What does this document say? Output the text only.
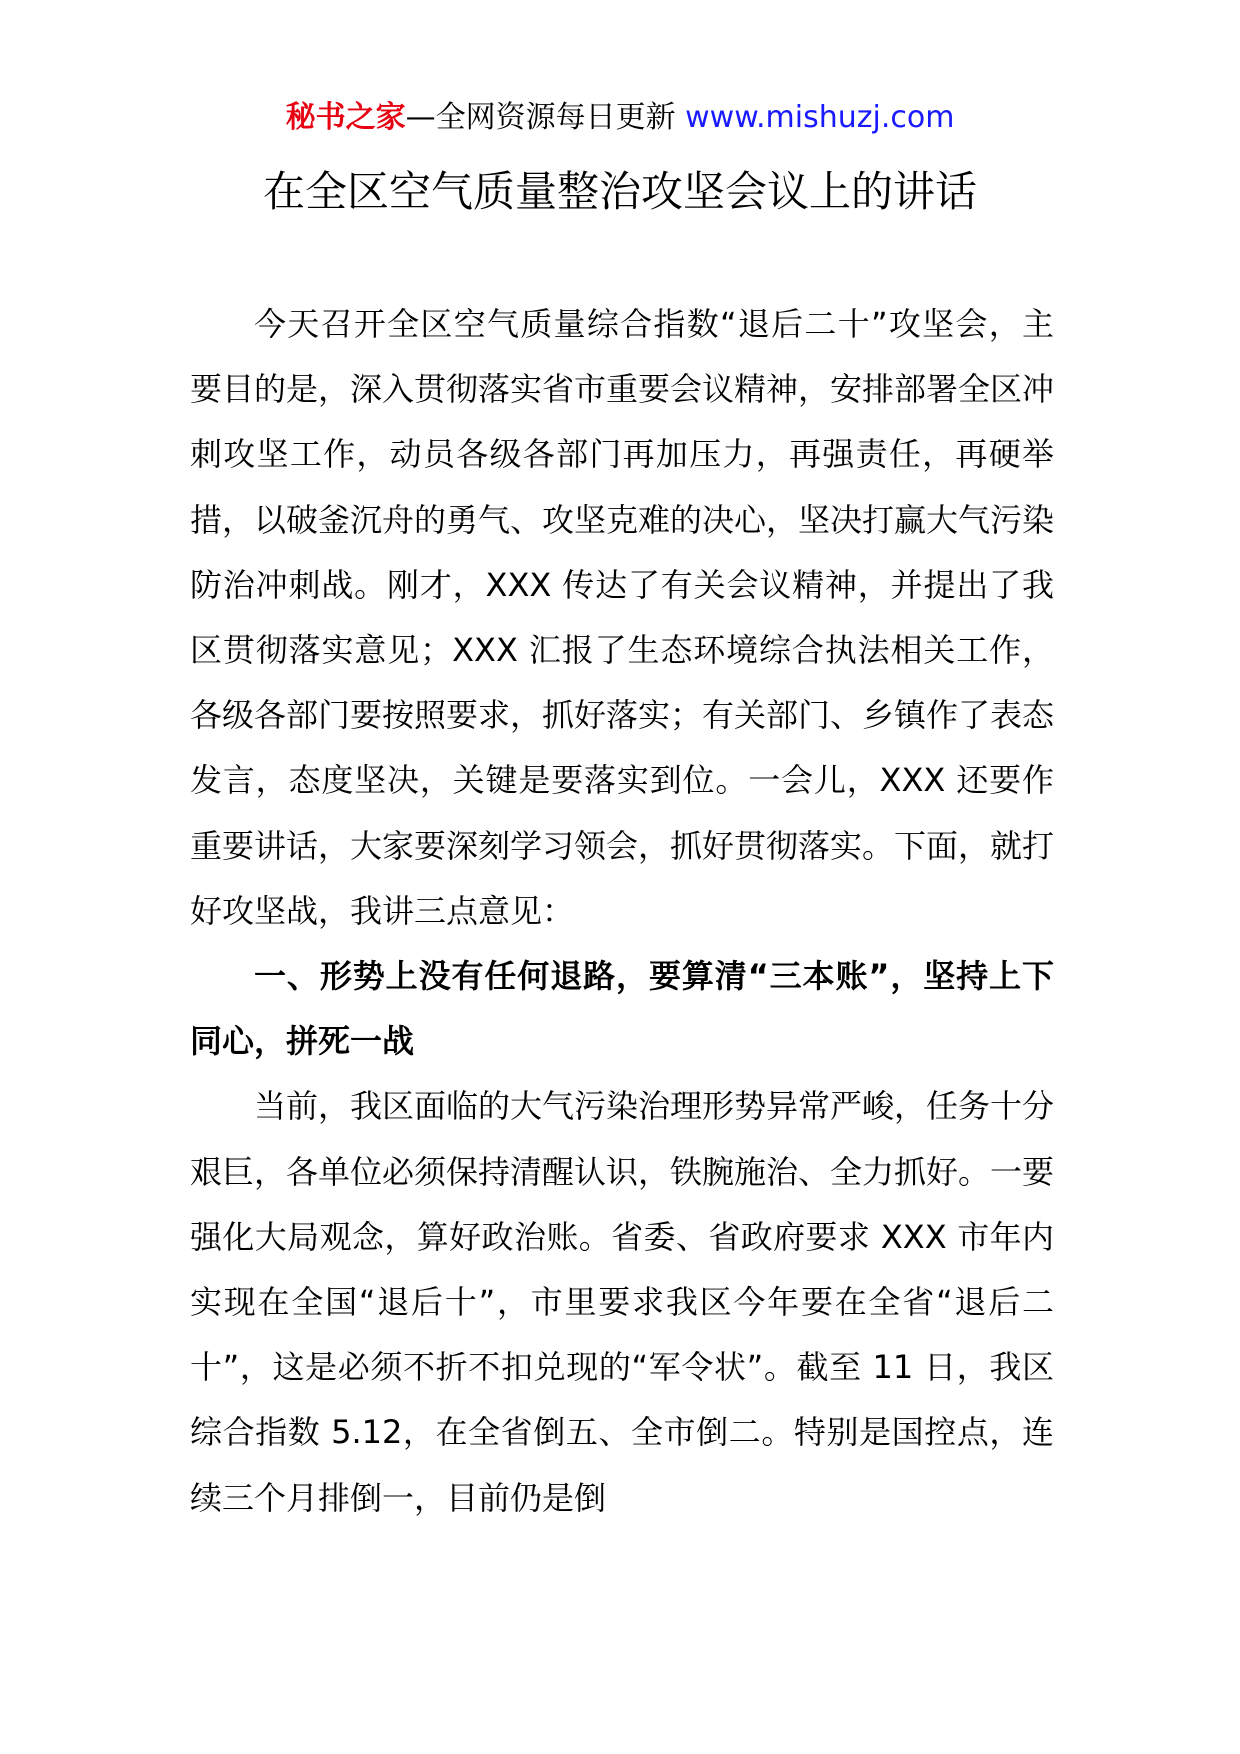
秘书之家—全网资源每日更新 www.mishuzj.com
在全区空气质量整治攻坚会议上的讲话

今天召开全区空气质量综合指数“退后二十”攻坚会，主要目的是，深入贯彻落实省市重要会议精神，安排部署全区冲刺攻坚工作，动员各级各部门再加压力，再强责任，再硬举措，以破釜沉舟的勇气、攻坚克难的决心，坚决打赢大气污染防治冲刺战。刚才，XXX 传达了有关会议精神，并提出了我区贯彻落实意见；XXX 汇报了生态环境综合执法相关工作，各级各部门要按照要求，抓好落实；有关部门、乡镇作了表态发言，态度坚决，关键是要落实到位。一会儿，XXX 还要作重要讲话，大家要深刻学习领会，抓好贯彻落实。下面，就打好攻坚战，我讲三点意见：

一、形势上没有任何退路，要算清“三本账”，坚持上下同心，拼死一战

当前，我区面临的大气污染治理形势异常严峻，任务十分艰巨，各单位必须保持清醒认识，铁腕施治、全力抓好。一要强化大局观念，算好政治账。省委、省政府要求 XXX 市年内实现在全国“退后十”，市里要求我区今年要在全省“退后二十”，这是必须不折不扣兑现的“军令状”。截至 11 日，我区综合指数 5.12，在全省倒五、全市倒二。特别是国控点，连续三个月排倒一，目前仍是倒
